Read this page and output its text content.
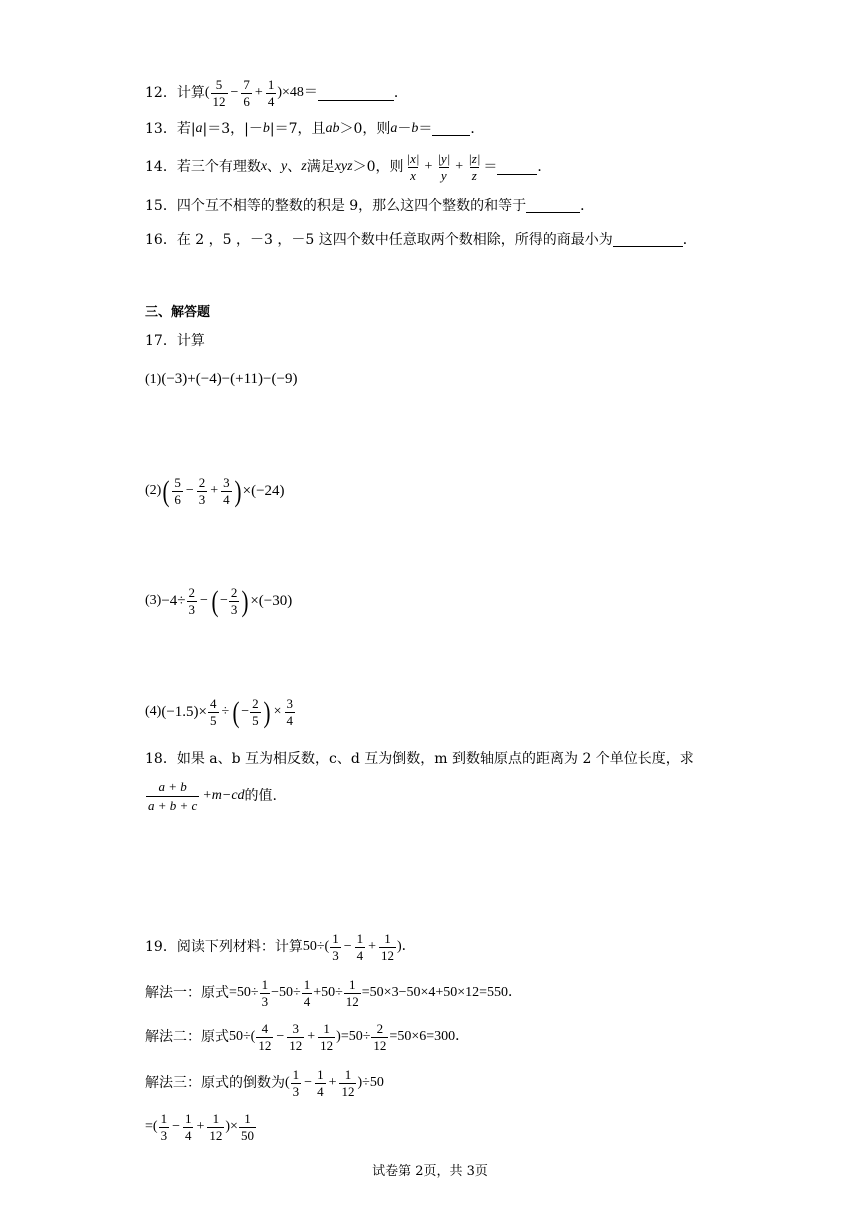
12．计算 ( $\frac{5}{12} - \frac{7}{6} + \frac{1}{4} )\times 48=$	．
13．若| a |＝3，|－ b |＝7，且 ab ＞0，则 a － b ＝	．
14．若三个有理数 x 、 y 、 z 满足 xyz ＞0，则 $\frac{|x|}{x} + \frac{|y|}{y} + \frac{|z|}{z}$ ＝	．
15．四个互不相等的整数的积是 9，那么这四个整数的和等于	．
16．在 2 ，5 ，－3 ，－5 这四个数中任意取两个数相除，所得的商最小为	．
三、解答题
17．计算
(1) (−3)+(−4)−(+11)−(−9)
(2) ( $\frac{5}{6} - \frac{2}{3} + \frac{3}{4}$ ) ×(−24)
$(3) -4\div \frac{2}{3}$ − ( − $\frac{2}{3}$ ) ×(−30)
(4) $(-1.5)\times \frac{4}{5}$ ÷ ( − $\frac{2}{5}$ ) × $\frac{3}{4}$
18．如果 a、b 互为相反数，c、d 互为倒数，m 到数轴原点的距离为 2 个单位长度，求
$\frac{a + b}{a + b + c} +m-cd$ 的值.
19．阅读下列材料：计算 $50\div( \frac{1}{3} - \frac{1}{4} + \frac{1}{12}$ )．
解法一：原式 $=50\div \frac{1}{3} -50\div \frac{1}{4} +50\div \frac{1}{12} =50\times 3-50\times 4+50\times 12=550$．
解法二：原式 $50\div( \frac{4}{12} - \frac{3}{12} + \frac{1}{12} )=50\div \frac{2}{12} =50\times 6=300$．
解法三：原式的倒数为 ( $\frac{1}{3} - \frac{1}{4} + \frac{1}{12} )\div 50$
=( $\frac{1}{3} - \frac{1}{4} + \frac{1}{12}$ )× $\frac{1}{50}$
试卷第 2页，共 3页
